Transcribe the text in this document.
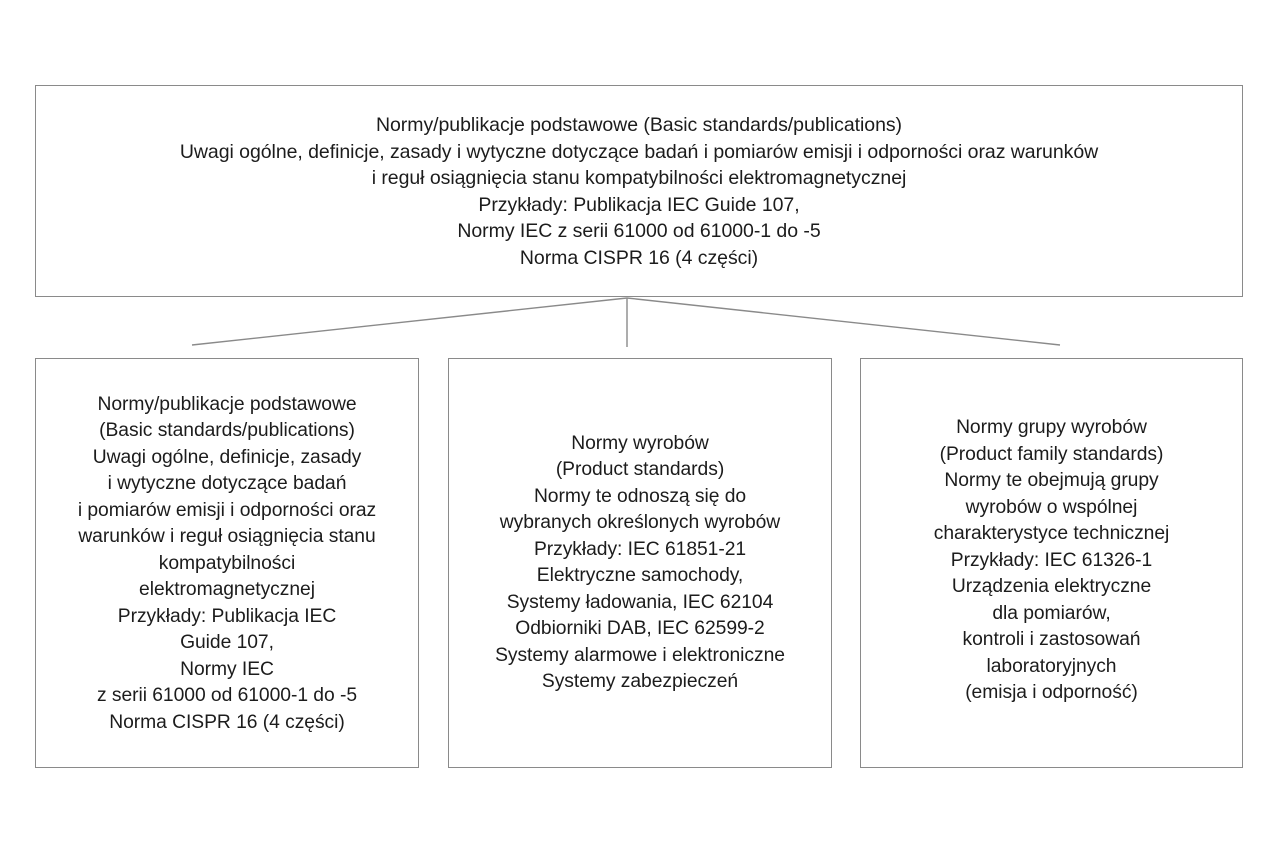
Normy/publikacje podstawowe (Basic standards/publications)
Uwagi ogólne, definicje, zasady i wytyczne dotyczące badań i pomiarów emisji i odporności oraz warunków
i reguł osiągnięcia stanu kompatybilności elektromagnetycznej
Przykłady: Publikacja IEC Guide 107,
Normy IEC z serii 61000 od 61000-1 do -5
Norma CISPR 16 (4 części)
Normy/publikacje podstawowe
(Basic standards/publications)
Uwagi ogólne, definicje, zasady
i wytyczne dotyczące badań
i pomiarów emisji i odporności oraz
warunków i reguł osiągnięcia stanu
kompatybilności
elektromagnetycznej
Przykłady: Publikacja IEC
Guide 107,
Normy IEC
z serii 61000 od 61000-1 do -5
Norma CISPR 16 (4 części)
Normy wyrobów
(Product standards)
Normy te odnoszą się do
wybranych określonych wyrobów
Przykłady: IEC 61851-21
Elektryczne samochody,
Systemy ładowania, IEC 62104
Odbiorniki DAB, IEC 62599-2
Systemy alarmowe i elektroniczne
Systemy zabezpieczeń
Normy grupy wyrobów
(Product family standards)
Normy te obejmują grupy
wyrobów o wspólnej
charakterystyce technicznej
Przykłady: IEC 61326-1
Urządzenia elektryczne
dla pomiarów,
kontroli i zastosowań
laboratoryjnych
(emisja i odporność)
